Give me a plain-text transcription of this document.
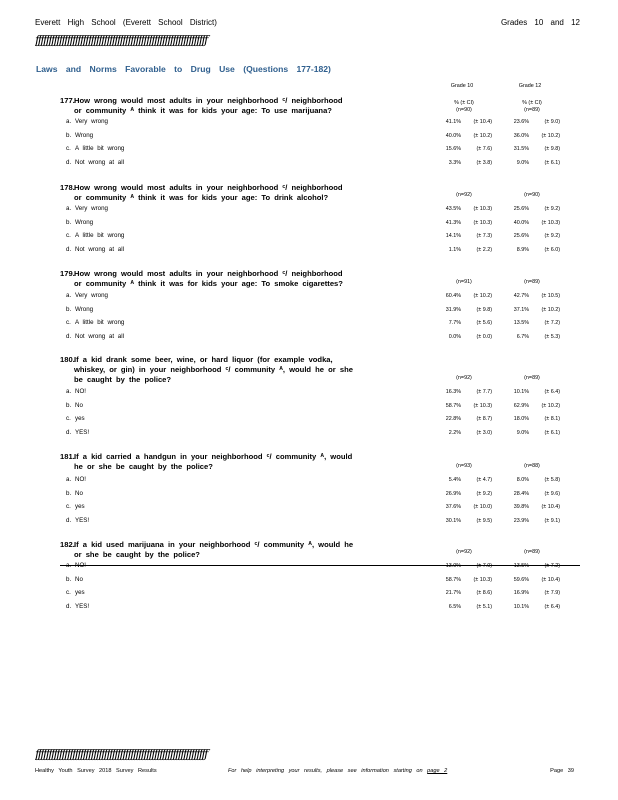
Everett High School (Everett School District)	Grades 10 and 12
ƒƒƒƒƒƒƒƒƒƒƒƒƒƒƒƒƒƒƒƒƒƒƒƒƒƒƒƒƒƒƒƒƒƒƒƒƒƒƒƒƒƒƒƒƒƒƒƒƒƒƒƒƒƒƒƒƒƒƒƒƒƒƒƒƒ
Laws and Norms Favorable to Drug Use (Questions 177-182)
Grade 10	Grade 12
177.How wrong would most adults in your neighborhood ᶜ/ neighborhood

or community ᴬ think it was for kids your age: To use marijuana?
% (± CI)	% (± CI)
(n=90)	(n=89)
a. Very wrong	41.1% (± 10.4)	23.6%	(± 9.0)
b. Wrong	40.0% (± 10.2)	36.0% (± 10.2)
c. A little bit wrong	15.6%	(± 7.6)	31.5%	(± 9.8)
d. Not wrong at all	3.3%	(± 3.8)	9.0%	(± 6.1)
178.How wrong would most adults in your neighborhood ᶜ/ neighborhood

or community ᴬ think it was for kids your age: To drink alcohol?	(n=92)	(n=90)
a. Very wrong	43.5% (± 10.3)	25.6%	(± 9.2)
b. Wrong	41.3% (± 10.3)	40.0% (± 10.3)
c. A little bit wrong	14.1%	(± 7.3)	25.6%	(± 9.2)
d. Not wrong at all	1.1%	(± 2.2)	8.9%	(± 6.0)
179.How wrong would most adults in your neighborhood ᶜ/ neighborhood

or community ᴬ think it was for kids your age: To smoke cigarettes?	(n=91)	(n=89)
a. Very wrong	60.4% (± 10.2)	42.7% (± 10.5)
b. Wrong	31.9%	(± 9.8)	37.1% (± 10.2)
c. A little bit wrong	7.7%	(± 5.6)	13.5%	(± 7.2)
d. Not wrong at all	0.0%	(± 0.0)	6.7%	(± 5.3)
180.If a kid drank some beer, wine, or hard liquor (for example vodka,

whiskey, or gin) in your neighborhood ᶜ/ community ᴬ, would he or she
be caught by the police?	(n=92)	(n=89)
a. NO!	16.3%	(± 7.7)	10.1%	(± 6.4)
b. No	58.7% (± 10.3)	62.9% (± 10.2)
c. yes	22.8%	(± 8.7)	18.0%	(± 8.1)
d. YES!	2.2%	(± 3.0)	9.0%	(± 6.1)
181.If a kid carried a handgun in your neighborhood ᶜ/ community ᴬ, would

he or she be caught by the police?	(n=93)	(n=88)
a. NO!	5.4%	(± 4.7)	8.0%	(± 5.8)
b. No	26.9%	(± 9.2)	28.4%	(± 9.6)
c. yes	37.6% (± 10.0)	39.8% (± 10.4)
d. YES!	30.1%	(± 9.5)	23.9%	(± 9.1)
182.If a kid used marijuana in your neighborhood ᶜ/ community ᴬ, would he

or she be caught by the police?	(n=92)	(n=89)
a. NO!	13.0%	(± 7.0)	13.5%	(± 7.2)
b. No	58.7% (± 10.3)	59.6% (± 10.4)
c. yes	21.7%	(± 8.6)	16.9%	(± 7.9)
d. YES!	6.5%	(± 5.1)	10.1%	(± 6.4)
ƒƒƒƒƒƒƒƒƒƒƒƒƒƒƒƒƒƒƒƒƒƒƒƒƒƒƒƒƒƒƒƒƒƒƒƒƒƒƒƒƒƒƒƒƒƒƒƒƒƒƒƒƒƒƒƒƒƒƒƒƒƒƒƒƒ
Healthy Youth Survey 2018 Survey Results	For help interpreting your results, please see information starting on page 2	Page 39
